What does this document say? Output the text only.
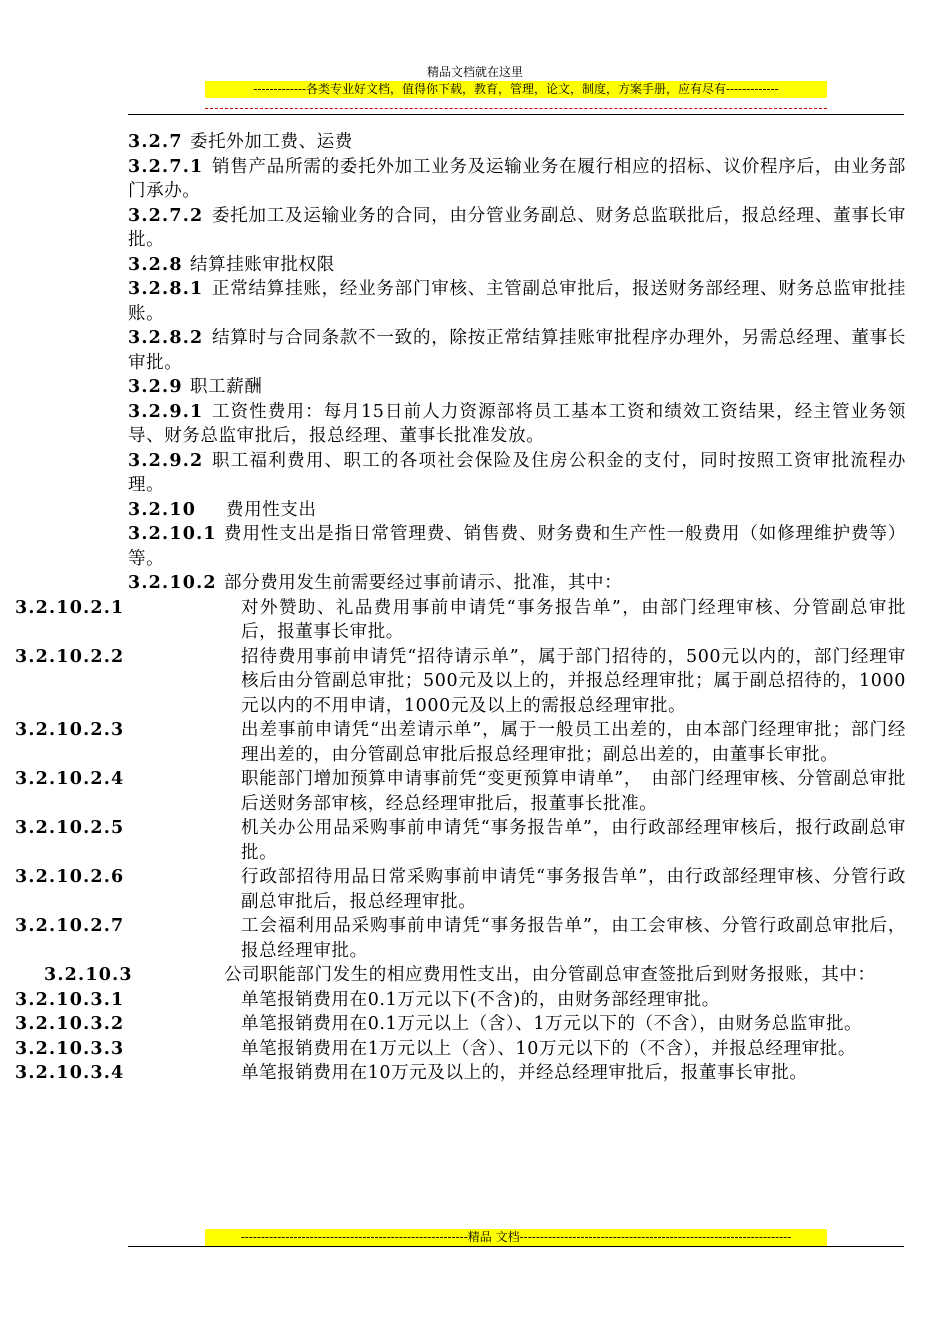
精品文档就在这里
-------------各类专业好文档，值得你下载，教育，管理，论文，制度，方案手册，应有尽有-------------
3.2.7 委托外加工费、运费
3.2.7.1 销售产品所需的委托外加工业务及运输业务在履行相应的招标、议价程序后，由业务部门承办。
3.2.7.2 委托加工及运输业务的合同，由分管业务副总、财务总监联批后，报总经理、董事长审批。
3.2.8 结算挂账审批权限
3.2.8.1 正常结算挂账，经业务部门审核、主管副总审批后，报送财务部经理、财务总监审批挂账。
3.2.8.2 结算时与合同条款不一致的，除按正常结算挂账审批程序办理外，另需总经理、董事长审批。
3.2.9 职工薪酬
3.2.9.1 工资性费用：每月15日前人力资源部将员工基本工资和绩效工资结果，经主管业务领导、财务总监审批后，报总经理、董事长批准发放。
3.2.9.2 职工福利费用、职工的各项社会保险及住房公积金的支付，同时按照工资审批流程办理。
3.2.10 费用性支出
3.2.10.1 费用性支出是指日常管理费、销售费、财务费和生产性一般费用（如修理维护费等）等。
3.2.10.2 部分费用发生前需要经过事前请示、批准，其中：
3.2.10.2.1	对外赞助、礼品费用事前申请凭“事务报告单”，由部门经理审核、分管副总审批后，报董事长审批。
3.2.10.2.2	招待费用事前申请凭“招待请示单”，属于部门招待的，500元以内的，部门经理审核后由分管副总审批；500元及以上的，并报总经理审批；属于副总招待的，1000元以内的不用申请，1000元及以上的需报总经理审批。
3.2.10.2.3	出差事前申请凭“出差请示单”，属于一般员工出差的，由本部门经理审批；部门经理出差的，由分管副总审批后报总经理审批；副总出差的，由董事长审批。
3.2.10.2.4	职能部门增加预算申请事前凭“变更预算申请单”，　由部门经理审核、分管副总审批后送财务部审核，经总经理审批后，报董事长批准。
3.2.10.2.5	机关办公用品采购事前申请凭“事务报告单”，由行政部经理审核后，报行政副总审批。
3.2.10.2.6	行政部招待用品日常采购事前申请凭“事务报告单”，由行政部经理审核、分管行政副总审批后，报总经理审批。
3.2.10.2.7	工会福利用品采购事前申请凭“事务报告单”，由工会审核、分管行政副总审批后，报总经理审批。
3.2.10.3	公司职能部门发生的相应费用性支出，由分管副总审查签批后到财务报账，其中：
3.2.10.3.1	单笔报销费用在0.1万元以下(不含)的，由财务部经理审批。
3.2.10.3.2	单笔报销费用在0.1万元以上（含）、1万元以下的（不含），由财务总监审批。
3.2.10.3.3	单笔报销费用在1万元以上（含）、10万元以下的（不含），并报总经理审批。
3.2.10.3.4	单笔报销费用在10万元及以上的，并经总经理审批后，报董事长审批。
--------------------------------------------------------精品 文档-------------------------------------------------------------------
